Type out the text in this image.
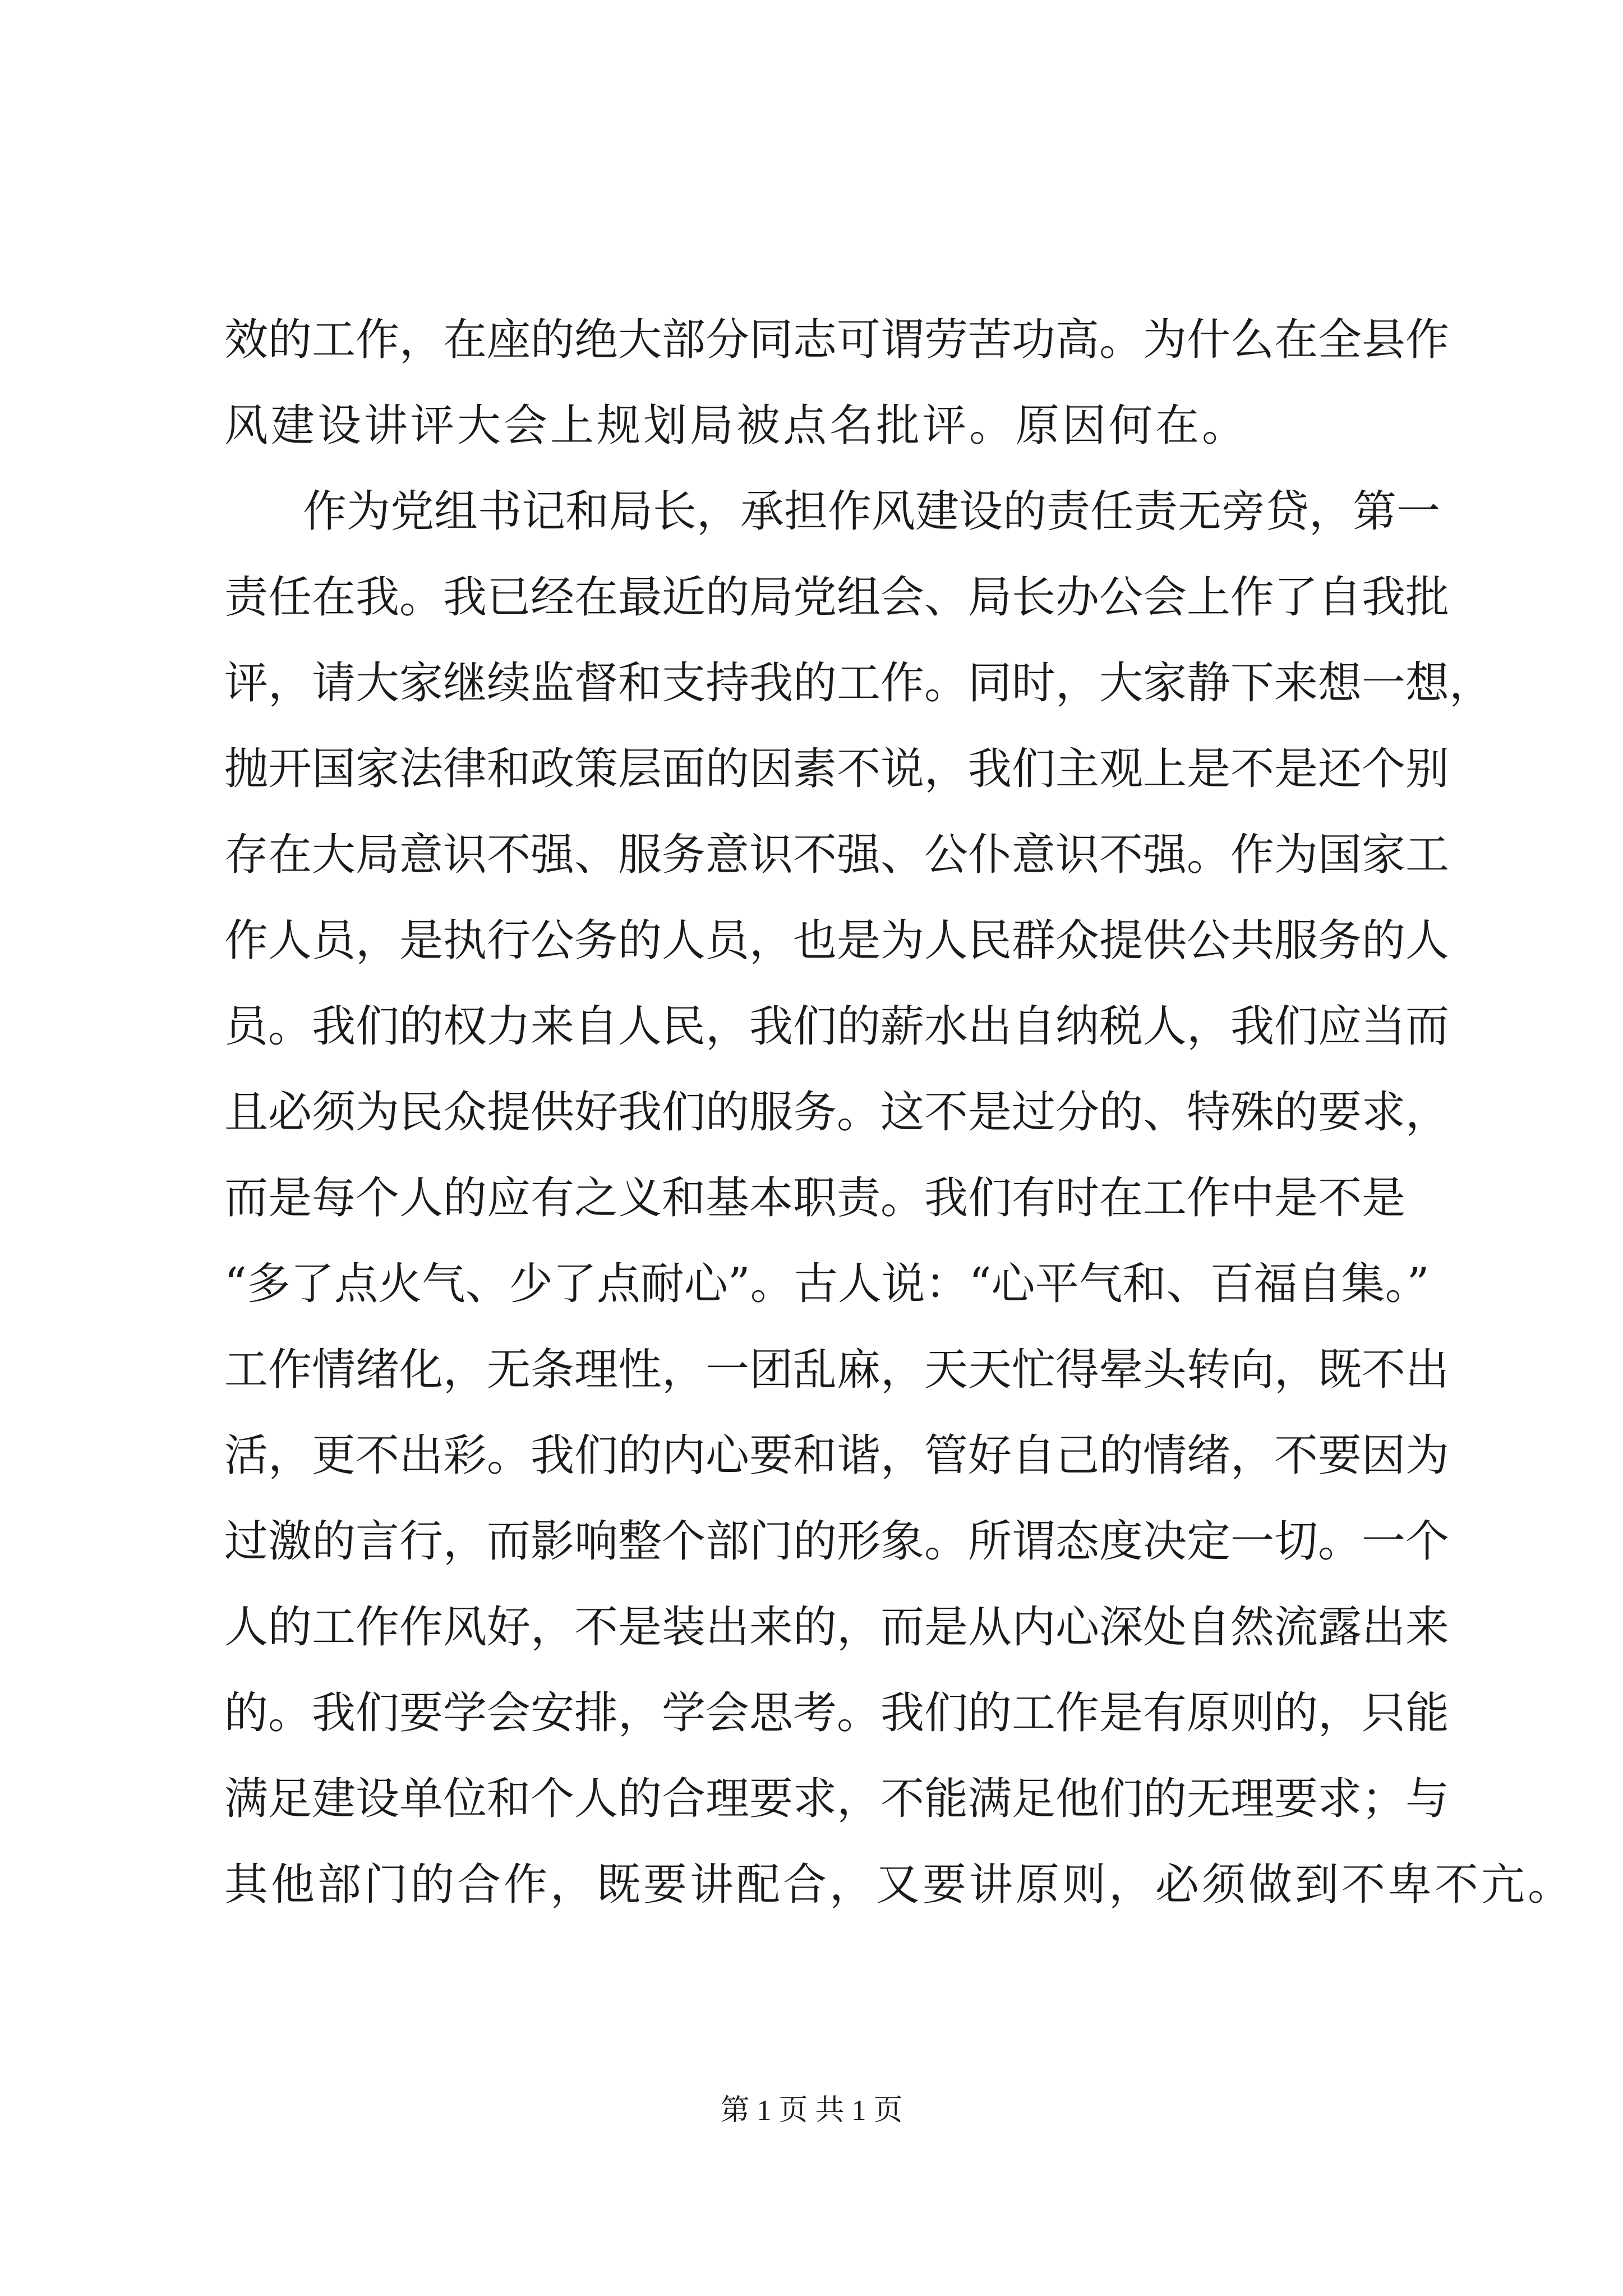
效的工作，在座的绝大部分同志可谓劳苦功高。为什么在全县作
风建设讲评大会上规划局被点名批评。原因何在。
作为党组书记和局长，承担作风建设的责任责无旁贷，第一
责任在我。我已经在最近的局党组会、局长办公会上作了自我批
评，请大家继续监督和支持我的工作。同时，大家静下来想一想，
抛开国家法律和政策层面的因素不说，我们主观上是不是还个别
存在大局意识不强、服务意识不强、公仆意识不强。作为国家工
作人员，是执行公务的人员，也是为人民群众提供公共服务的人
员。我们的权力来自人民，我们的薪水出自纳税人，我们应当而
且必须为民众提供好我们的服务。这不是过分的、特殊的要求，
而是每个人的应有之义和基本职责。我们有时在工作中是不是
“多了点火气、少了点耐心”。古人说：“心平气和、百福自集。”
工作情绪化，无条理性，一团乱麻，天天忙得晕头转向，既不出
活，更不出彩。我们的内心要和谐，管好自己的情绪，不要因为
过激的言行，而影响整个部门的形象。所谓态度决定一切。一个
人的工作作风好，不是装出来的，而是从内心深处自然流露出来
的。我们要学会安排，学会思考。我们的工作是有原则的，只能
满足建设单位和个人的合理要求，不能满足他们的无理要求；与
其他部门的合作，既要讲配合，又要讲原则，必须做到不卑不亢。
第 1 页 共 1 页
